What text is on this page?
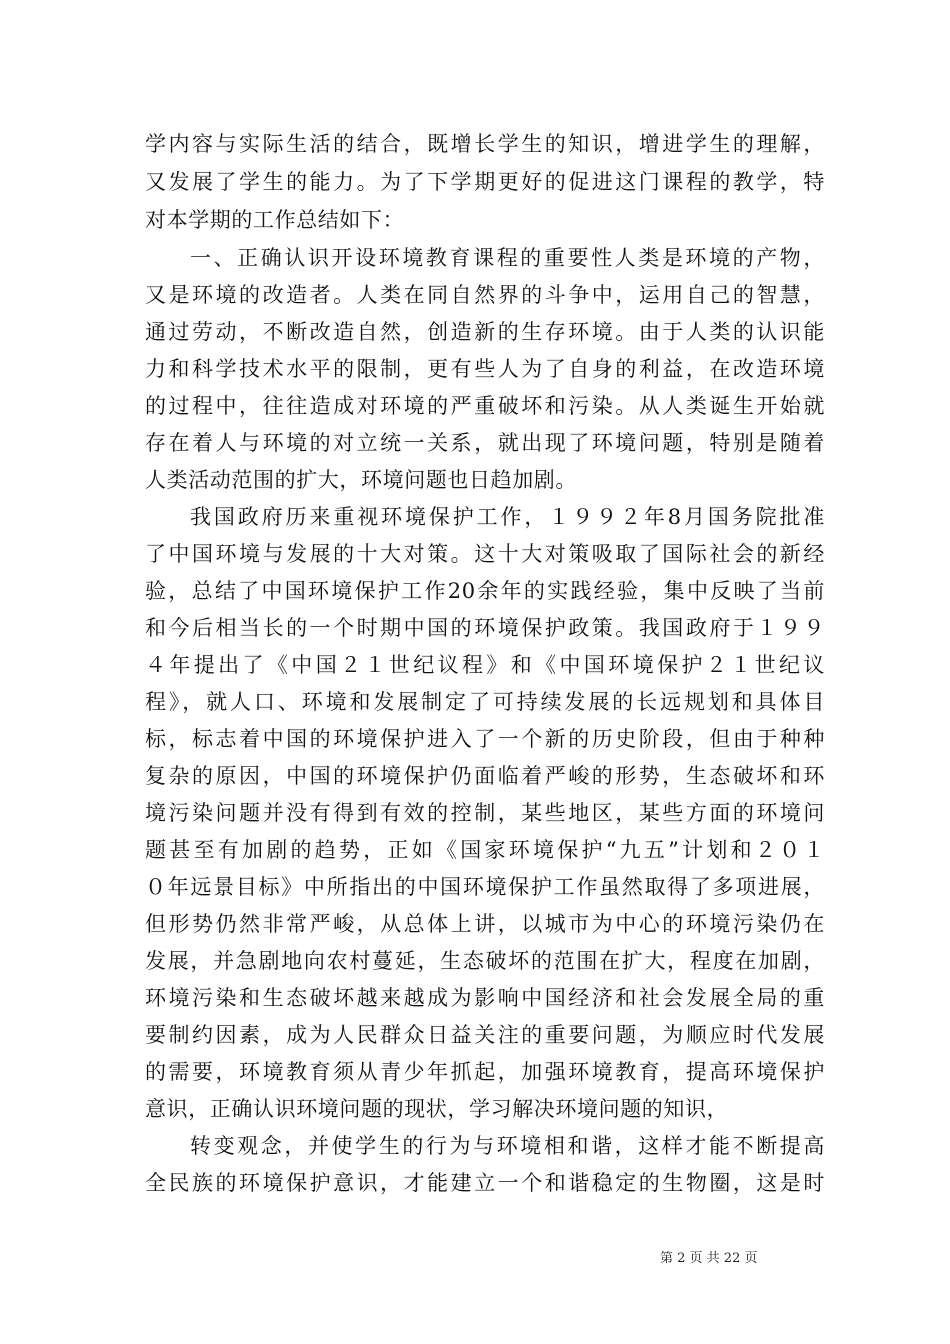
学内容与实际生活的结合，既增长学生的知识，增进学生的理解，
又发展了学生的能力。为了下学期更好的促进这门课程的教学，特
对本学期的工作总结如下：
一、正确认识开设环境教育课程的重要性人类是环境的产物，
又是环境的改造者。人类在同自然界的斗争中，运用自己的智慧，
通过劳动，不断改造自然，创造新的生存环境。由于人类的认识能
力和科学技术水平的限制，更有些人为了自身的利益，在改造环境
的过程中，往往造成对环境的严重破坏和污染。从人类诞生开始就
存在着人与环境的对立统一关系，就出现了环境问题，特别是随着
人类活动范围的扩大，环境问题也日趋加剧。
我国政府历来重视环境保护工作，１９９２年8月国务院批准
了中国环境与发展的十大对策。这十大对策吸取了国际社会的新经
验，总结了中国环境保护工作20余年的实践经验，集中反映了当前
和今后相当长的一个时期中国的环境保护政策。我国政府于１９９
４年提出了《中国２１世纪议程》和《中国环境保护２１世纪议
程》，就人口、环境和发展制定了可持续发展的长远规划和具体目
标，标志着中国的环境保护进入了一个新的历史阶段，但由于种种
复杂的原因，中国的环境保护仍面临着严峻的形势，生态破坏和环
境污染问题并没有得到有效的控制，某些地区，某些方面的环境问
题甚至有加剧的趋势，正如《国家环境保护“九五”计划和２０１
０年远景目标》中所指出的中国环境保护工作虽然取得了多项进展，
但形势仍然非常严峻，从总体上讲，以城市为中心的环境污染仍在
发展，并急剧地向农村蔓延，生态破坏的范围在扩大，程度在加剧，
环境污染和生态破坏越来越成为影响中国经济和社会发展全局的重
要制约因素，成为人民群众日益关注的重要问题，为顺应时代发展
的需要，环境教育须从青少年抓起，加强环境教育，提高环境保护
意识，正确认识环境问题的现状，学习解决环境问题的知识，
转变观念，并使学生的行为与环境相和谐，这样才能不断提高
全民族的环境保护意识，才能建立一个和谐稳定的生物圈，这是时
第 2 页 共 22 页
